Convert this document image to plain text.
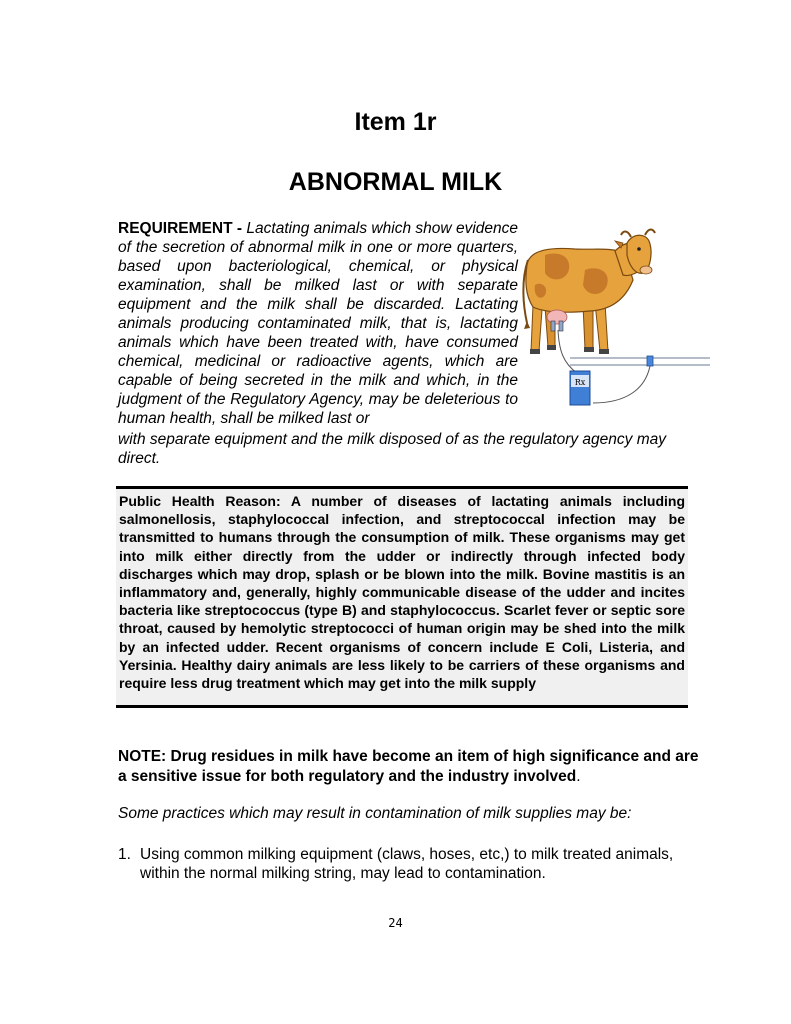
Item 1r
ABNORMAL MILK
REQUIREMENT - Lactating animals which show evidence of the secretion of abnormal milk in one or more quarters, based upon bacteriological, chemical, or physical examination, shall be milked last or with separate equipment and the milk shall be discarded. Lactating animals producing contaminated milk, that is, lactating animals which have been treated with, have consumed chemical, medicinal or radioactive agents, which are capable of being secreted in the milk and which, in the judgment of the Regulatory Agency, may be deleterious to human health, shall be milked last or
Rx
with separate equipment and the milk disposed of as the regulatory agency may direct.
Public Health Reason: A number of diseases of lactating animals including salmonellosis, staphylococcal infection, and streptococcal infection may be transmitted to humans through the consumption of milk. These organisms may get into milk either directly from the udder or indirectly through infected body discharges which may drop, splash or be blown into the milk. Bovine mastitis is an inflammatory and, generally, highly communicable disease of the udder and incites bacteria like streptococcus (type B) and staphylococcus. Scarlet fever or septic sore throat, caused by hemolytic streptococci of human origin may be shed into the milk by an infected udder. Recent organisms of concern include E Coli, Listeria, and Yersinia. Healthy dairy animals are less likely to be carriers of these organisms and require less drug treatment which may get into the milk supply
NOTE: Drug residues in milk have become an item of high significance and are a sensitive issue for both regulatory and the industry involved.
Some practices which may result in contamination of milk supplies may be:
1. Using common milking equipment (claws, hoses, etc,) to milk treated animals, within the normal milking string, may lead to contamination.
24
